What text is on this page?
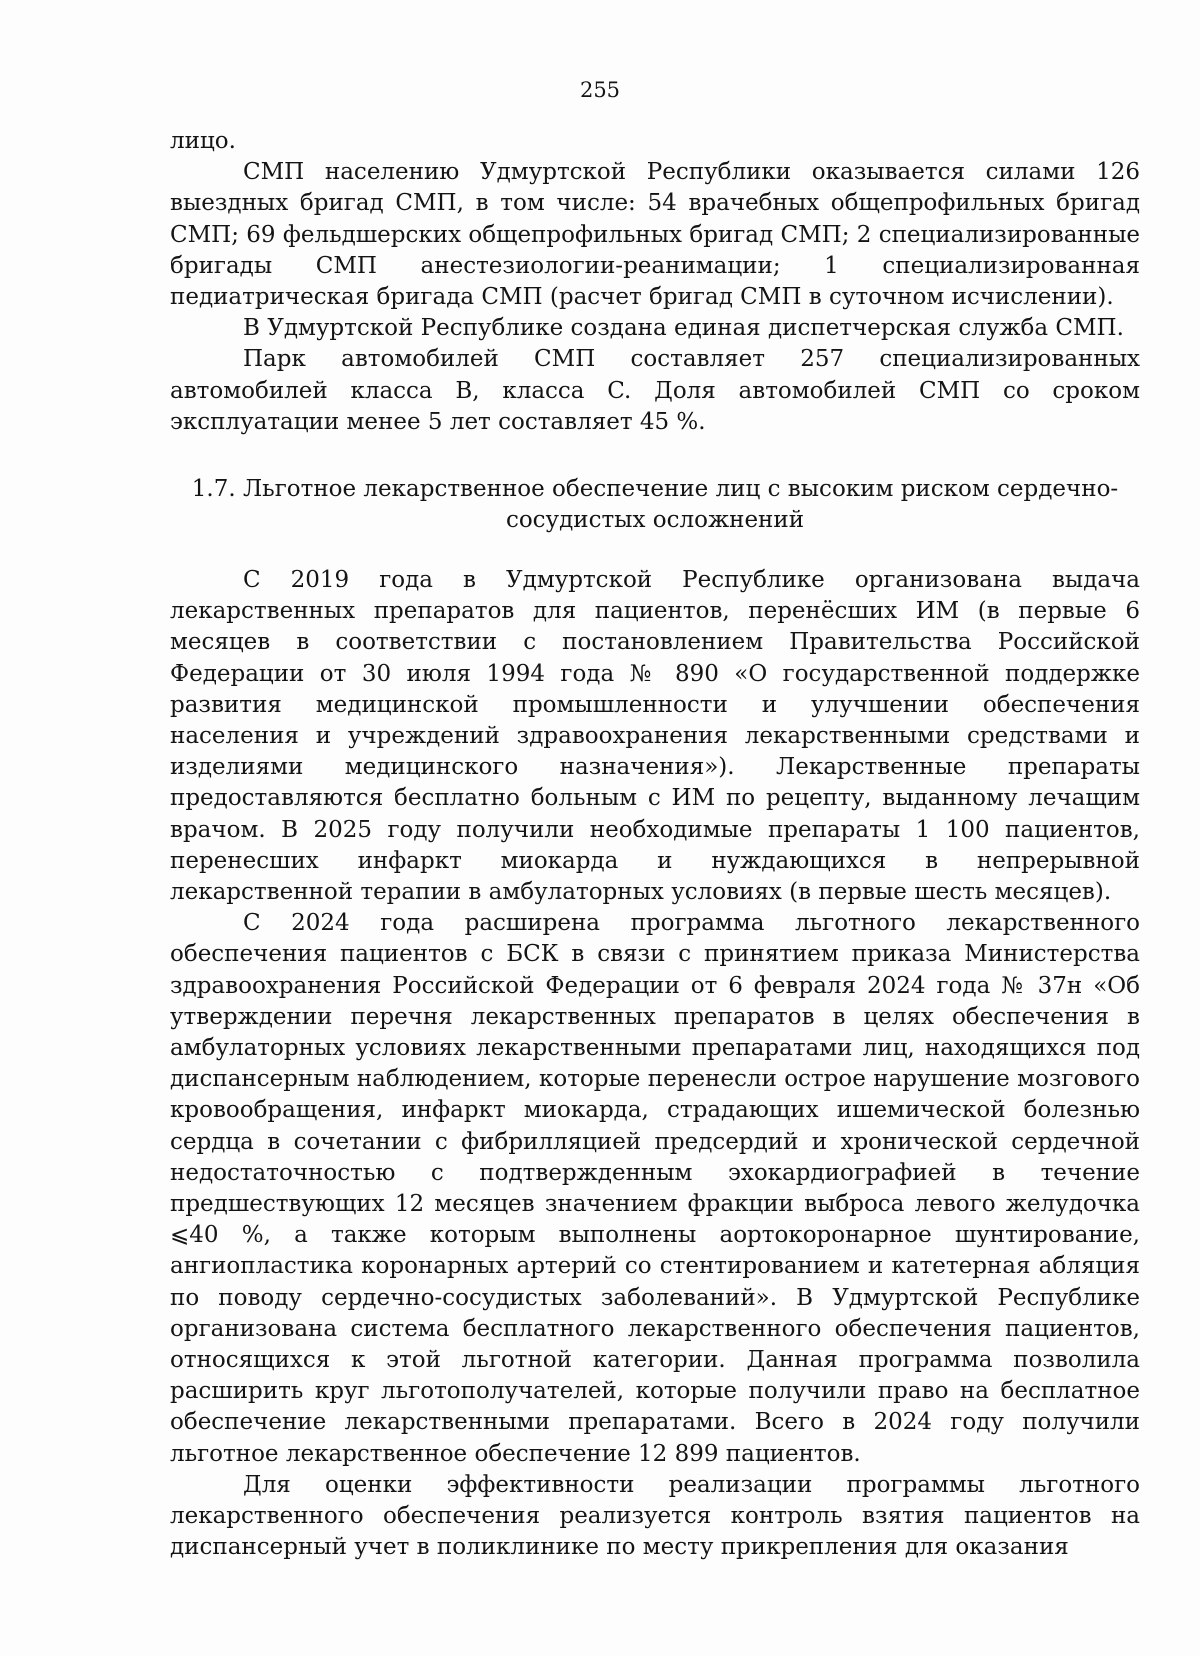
255

лицо.

СМП населению Удмуртской Республики оказывается силами 126 выездных бригад СМП, в том числе: 54 врачебных общепрофильных бригад СМП; 69 фельдшерских общепрофильных бригад СМП; 2 специализированные бригады СМП анестезиологии-реанимации; 1 специализированная педиатрическая бригада СМП (расчет бригад СМП в суточном исчислении).

В Удмуртской Республике создана единая диспетчерская служба СМП.

Парк автомобилей СМП составляет 257 специализированных автомобилей класса B, класса C. Доля автомобилей СМП со сроком эксплуатации менее 5 лет составляет 45 %.

1.7. Льготное лекарственное обеспечение лиц с высоким риском сердечно-сосудистых осложнений

С 2019 года в Удмуртской Республике организована выдача лекарственных препаратов для пациентов, перенёсших ИМ (в первые 6 месяцев в соответствии с постановлением Правительства Российской Федерации от 30 июля 1994 года № 890 «О государственной поддержке развития медицинской промышленности и улучшении обеспечения населения и учреждений здравоохранения лекарственными средствами и изделиями медицинского назначения»). Лекарственные препараты предоставляются бесплатно больным с ИМ по рецепту, выданному лечащим врачом. В 2025 году получили необходимые препараты 1 100 пациентов, перенесших инфаркт миокарда и нуждающихся в непрерывной лекарственной терапии в амбулаторных условиях (в первые шесть месяцев).

С 2024 года расширена программа льготного лекарственного обеспечения пациентов с БСК в связи с принятием приказа Министерства здравоохранения Российской Федерации от 6 февраля 2024 года № 37н «Об утверждении перечня лекарственных препаратов в целях обеспечения в амбулаторных условиях лекарственными препаратами лиц, находящихся под диспансерным наблюдением, которые перенесли острое нарушение мозгового кровообращения, инфаркт миокарда, страдающих ишемической болезнью сердца в сочетании с фибрилляцией предсердий и хронической сердечной недостаточностью с подтвержденным эхокардиографией в течение предшествующих 12 месяцев значением фракции выброса левого желудочка ⩽40 %, а также которым выполнены аортокоронарное шунтирование, ангиопластика коронарных артерий со стентированием и катетерная абляция по поводу сердечно-сосудистых заболеваний». В Удмуртской Республике организована система бесплатного лекарственного обеспечения пациентов, относящихся к этой льготной категории. Данная программа позволила расширить круг льготополучателей, которые получили право на бесплатное обеспечение лекарственными препаратами. Всего в 2024 году получили льготное лекарственное обеспечение 12 899 пациентов.

Для оценки эффективности реализации программы льготного лекарственного обеспечения реализуется контроль взятия пациентов на диспансерный учет в поликлинике по месту прикрепления для оказания
